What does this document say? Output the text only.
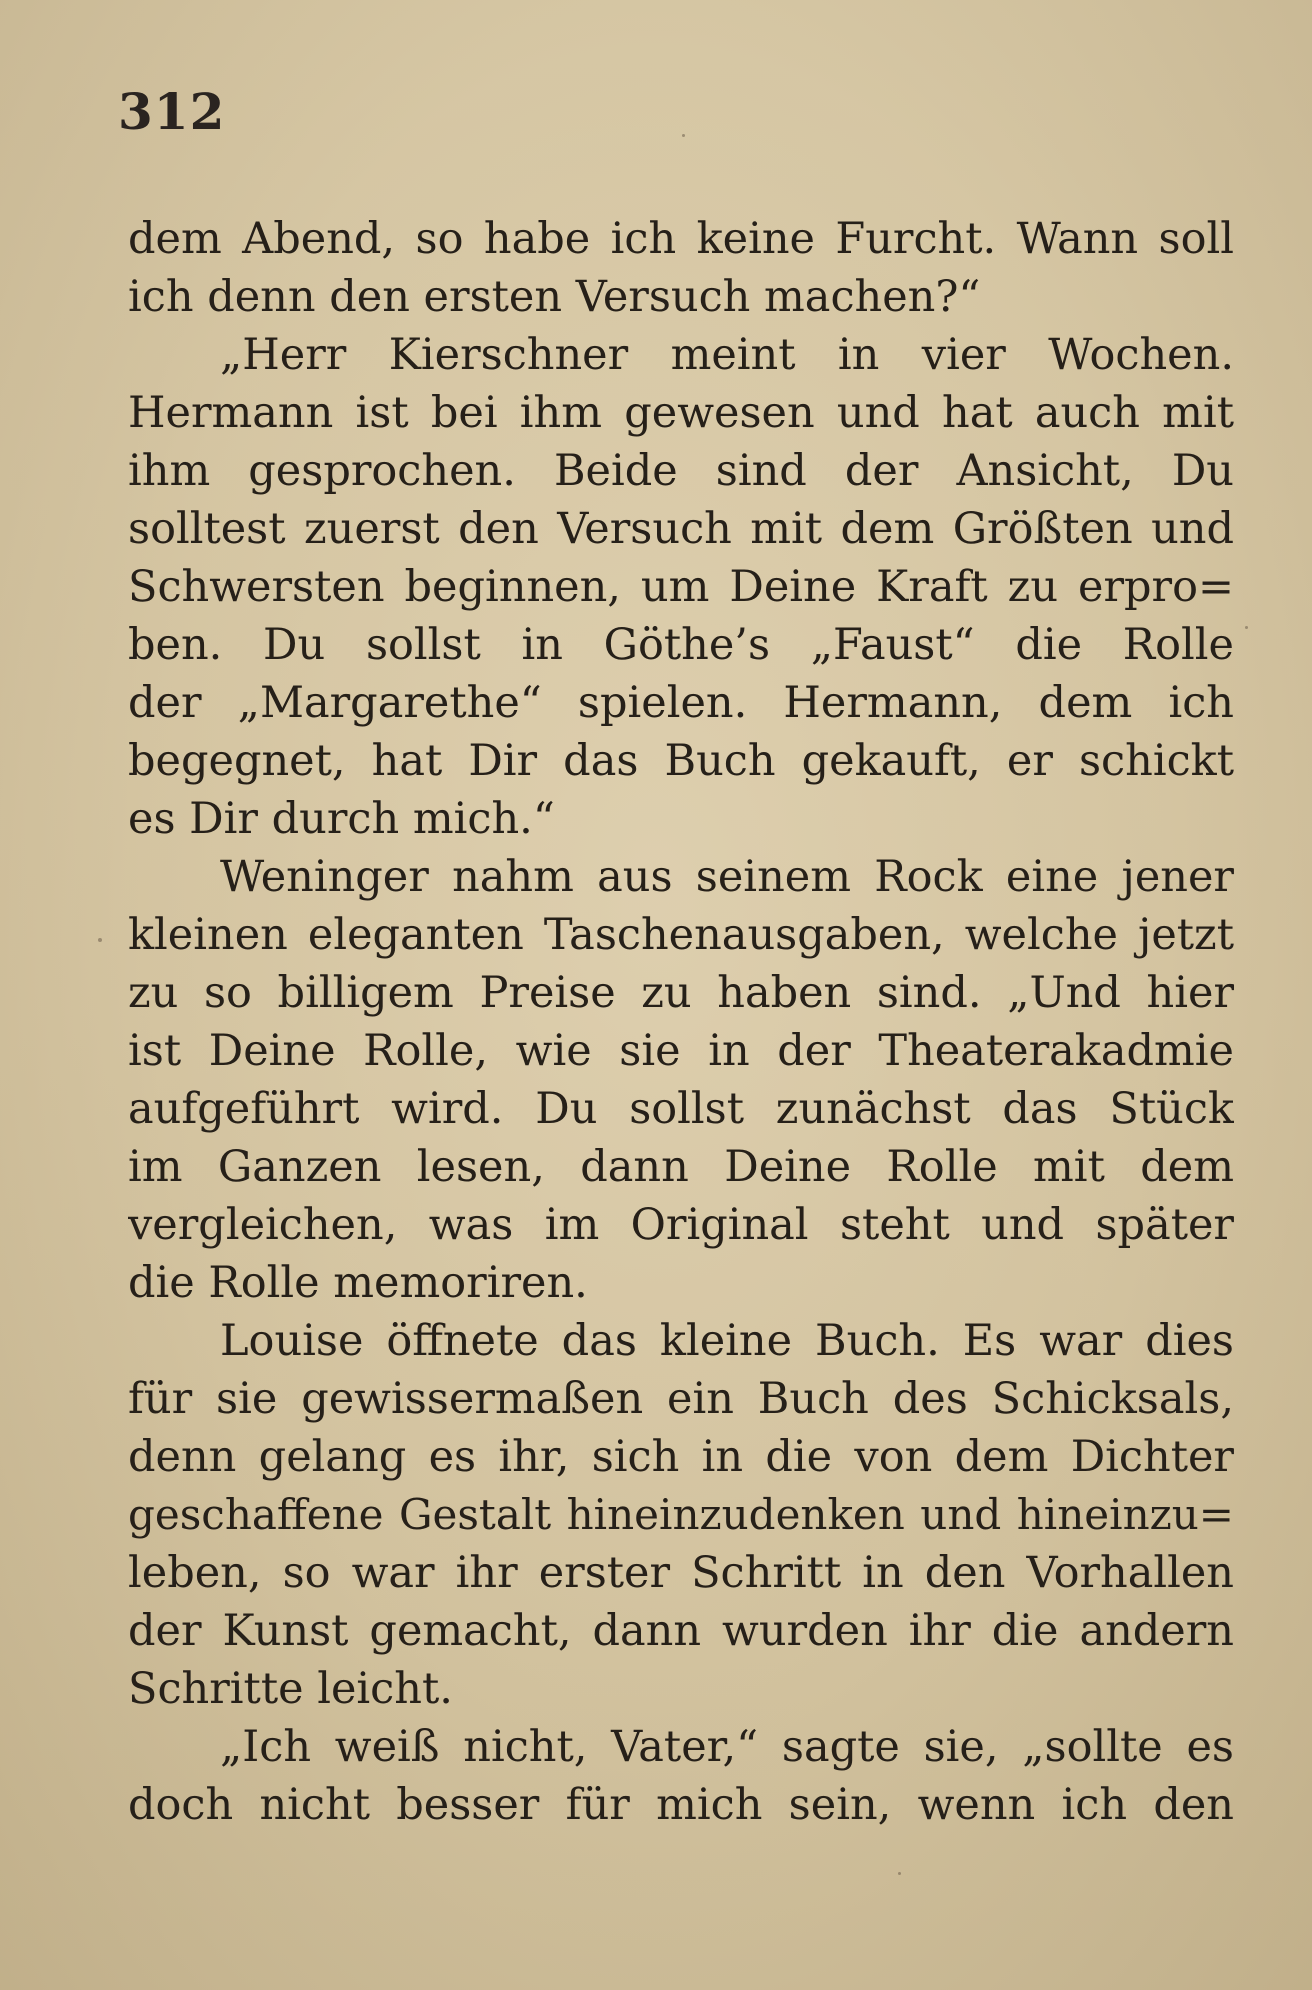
312
dem Abend, so habe ich keine Furcht. Wann soll
ich denn den ersten Versuch machen?“
„Herr Kierschner meint in vier Wochen.
Hermann ist bei ihm gewesen und hat auch mit
ihm gesprochen. Beide sind der Ansicht, Du
solltest zuerst den Versuch mit dem Größten und
Schwersten beginnen, um Deine Kraft zu erpro=
ben. Du sollst in Göthe’s „Faust“ die Rolle
der „Margarethe“ spielen. Hermann, dem ich
begegnet, hat Dir das Buch gekauft, er schickt
es Dir durch mich.“
Weninger nahm aus seinem Rock eine jener
kleinen eleganten Taschenausgaben, welche jetzt
zu so billigem Preise zu haben sind. „Und hier
ist Deine Rolle, wie sie in der Theaterakadmie
aufgeführt wird. Du sollst zunächst das Stück
im Ganzen lesen, dann Deine Rolle mit dem
vergleichen, was im Original steht und später
die Rolle memoriren.
Louise öffnete das kleine Buch. Es war dies
für sie gewissermaßen ein Buch des Schicksals,
denn gelang es ihr, sich in die von dem Dichter
geschaffene Gestalt hineinzudenken und hineinzu=
leben, so war ihr erster Schritt in den Vorhallen
der Kunst gemacht, dann wurden ihr die andern
Schritte leicht.
„Ich weiß nicht, Vater,“ sagte sie, „sollte es
doch nicht besser für mich sein, wenn ich den
